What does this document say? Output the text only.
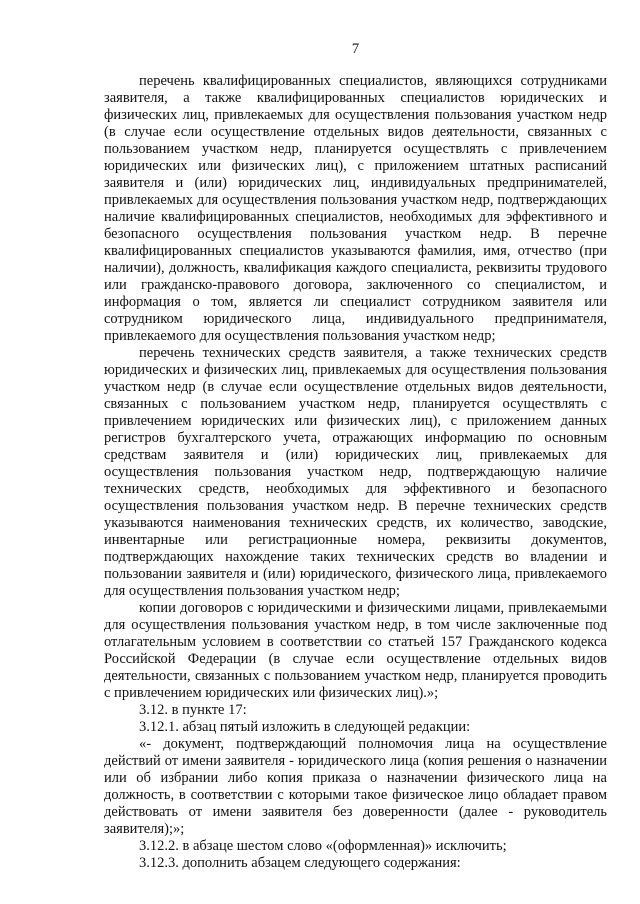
7

перечень квалифицированных специалистов, являющихся сотрудниками заявителя, а также квалифицированных специалистов юридических и физических лиц, привлекаемых для осуществления пользования участком недр (в случае если осуществление отдельных видов деятельности, связанных с пользованием участком недр, планируется осуществлять с привлечением юридических или физических лиц), с приложением штатных расписаний заявителя и (или) юридических лиц, индивидуальных предпринимателей, привлекаемых для осуществления пользования участком недр, подтверждающих наличие квалифицированных специалистов, необходимых для эффективного и безопасного осуществления пользования участком недр. В перечне квалифицированных специалистов указываются фамилия, имя, отчество (при наличии), должность, квалификация каждого специалиста, реквизиты трудового или гражданско-правового договора, заключенного со специалистом, и информация о том, является ли специалист сотрудником заявителя или сотрудником юридического лица, индивидуального предпринимателя, привлекаемого для осуществления пользования участком недр;

перечень технических средств заявителя, а также технических средств юридических и физических лиц, привлекаемых для осуществления пользования участком недр (в случае если осуществление отдельных видов деятельности, связанных с пользованием участком недр, планируется осуществлять с привлечением юридических или физических лиц), с приложением данных регистров бухгалтерского учета, отражающих информацию по основным средствам заявителя и (или) юридических лиц, привлекаемых для осуществления пользования участком недр, подтверждающую наличие технических средств, необходимых для эффективного и безопасного осуществления пользования участком недр. В перечне технических средств указываются наименования технических средств, их количество, заводские, инвентарные или регистрационные номера, реквизиты документов, подтверждающих нахождение таких технических средств во владении и пользовании заявителя и (или) юридического, физического лица, привлекаемого для осуществления пользования участком недр;

копии договоров с юридическими и физическими лицами, привлекаемыми для осуществления пользования участком недр, в том числе заключенные под отлагательным условием в соответствии со статьей 157 Гражданского кодекса Российской Федерации (в случае если осуществление отдельных видов деятельности, связанных с пользованием участком недр, планируется проводить с привлечением юридических или физических лиц).»;

3.12. в пункте 17:

3.12.1. абзац пятый изложить в следующей редакции:

«- документ, подтверждающий полномочия лица на осуществление действий от имени заявителя - юридического лица (копия решения о назначении или об избрании либо копия приказа о назначении физического лица на должность, в соответствии с которыми такое физическое лицо обладает правом действовать от имени заявителя без доверенности (далее - руководитель заявителя);»;

3.12.2. в абзаце шестом слово «(оформленная)» исключить;

3.12.3. дополнить абзацем следующего содержания:
